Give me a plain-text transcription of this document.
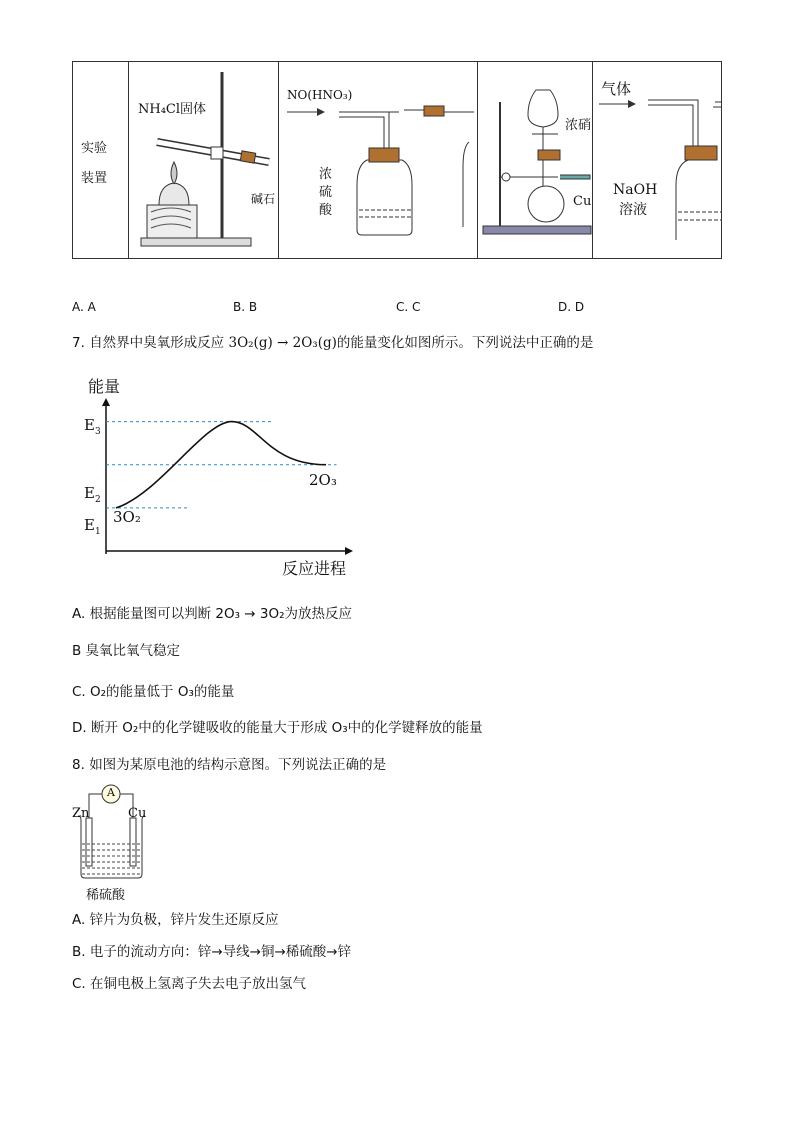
实验
装置
NH₄Cl固体
碱石
NO(HNO₃)
浓
硫
酸
浓硝
Cu
气体
NaOH
溶液
A. A	B. B	C. C	D. D
7. 自然界中臭氧形成反应 3O₂(g) → 2O₃(g)的能量变化如图所示。下列说法中正确的是
能量
反应进程
$E_3$
$E_2$
$E_1$
3O₂
2O₃
A. 根据能量图可以判断 2O₃ → 3O₂为放热反应
B 臭氧比氧气稳定
C. O₂的能量低于 O₃的能量
D. 断开 O₂中的化学键吸收的能量大于形成 O₃中的化学键释放的能量
8. 如图为某原电池的结构示意图。下列说法正确的是
A
Zn	Cu
稀硫酸
A. 锌片为负极，锌片发生还原反应
B. 电子的流动方向：锌→导线→铜→稀硫酸→锌
C. 在铜电极上氢离子失去电子放出氢气
